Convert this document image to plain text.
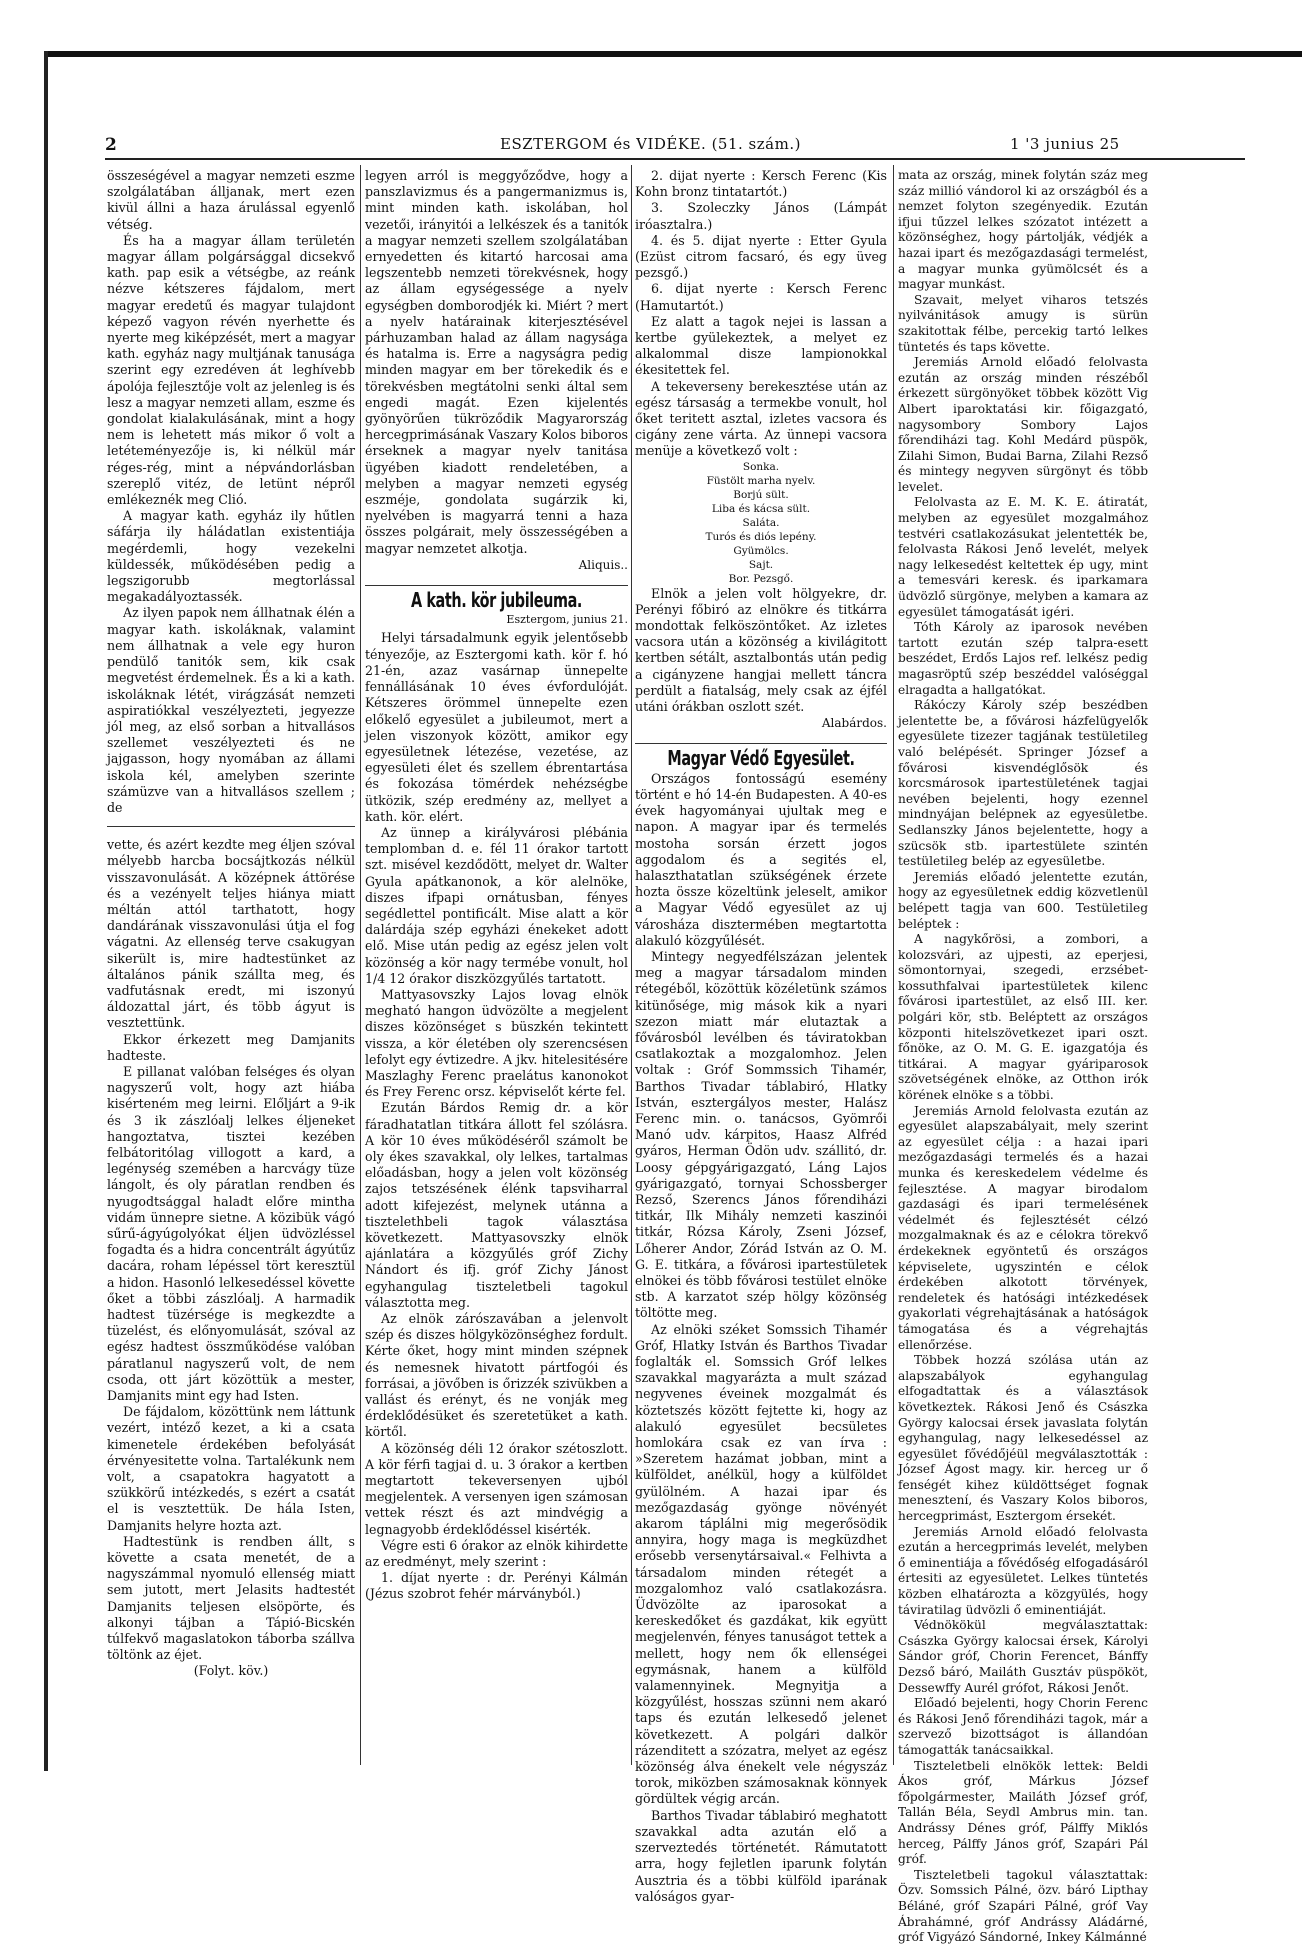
2	ESZTERGOM és VIDÉKE. (51. szám.)	1 '3 junius 25

összeségével a magyar nemzeti eszme szolgálatában álljanak, mert ezen kivül állni a haza árulással egyenlő vétség.

És ha a magyar állam területén magyar állam polgársággal dicsekvő kath. pap esik a vétségbe, az reánk nézve kétszeres fájdalom, mert magyar eredetű és magyar tulajdont képező vagyon révén nyerhette és nyerte meg kiképzését, mert a magyar kath. egyház nagy multjának tanusága szerint egy ezredéven át leghívebb ápolója fejlesztője volt az jelenleg is és lesz a magyar nemzeti allam, eszme és gondolat kialakulásának, mint a hogy nem is lehetett más mikor ő volt a letéteményezője is, ki nélkül már réges-rég, mint a népvándorlásban szereplő vitéz, de letünt népről emlékeznék meg Clió.

A magyar kath. egyház ily hűtlen sáfárja ily háládatlan existentiája megérdemli, hogy vezekelni küldessék, működésében pedig a legszigorubb megtorlással megakadályoztassék.

Az ilyen papok nem állhatnak élén a magyar kath. iskoláknak, valamint nem állhatnak a vele egy huron pendülő tanitók sem, kik csak megvetést érdemelnek. És a ki a kath. iskoláknak létét, virágzását nemzeti aspiratiókkal veszélyezteti, jegyezze jól meg, az első sorban a hitvallásos szellemet veszélyezteti és ne jajgasson, hogy nyomában az állami iskola kél, amelyben szerinte számüzve van a hitvallásos szellem ; de

vette, és azért kezdte meg éljen szóval mélyebb harcba bocsájtkozás nélkül visszavonulását. A középnek áttörése és a vezényelt teljes hiánya miatt méltán attól tarthatott, hogy dandárának visszavonulási útja el fog vágatni. Az ellenség terve csakugyan sikerült is, mire hadtestünket az általános pánik szállta meg, és vadfutásnak eredt, mi iszonyú áldozattal járt, és több ágyut is vesztettünk.

Ekkor érkezett meg Damjanits hadteste.

E pillanat valóban felséges és olyan nagyszerű volt, hogy azt hiába kisérteném meg leirni. Előljárt a 9-ik és 3 ik zászlóalj lelkes éljeneket hangoztatva, tisztei kezében felbátoritólag villogott a kard, a legénység szemében a harcvágy tüze lángolt, és oly páratlan rendben és nyugodtsággal haladt előre mintha vidám ünnepre sietne. A közibük vágó sűrű-ágyúgolyókat éljen üdvözléssel fogadta és a hidra concentrált ágyútűz dacára, roham lépéssel tört keresztül a hidon. Hasonló lelkesedéssel követte őket a többi zászlóalj. A harmadik hadtest tüzérsége is megkezdte a tüzelést, és előnyomulását, szóval az egész hadtest összműködése valóban páratlanul nagyszerű volt, de nem csoda, ott járt közöttük a mester, Damjanits mint egy had Isten.

De fájdalom, közöttünk nem láttunk vezért, intéző kezet, a ki a csata kimenetele érdekében befolyását érvényesitette volna. Tartalékunk nem volt, a csapatokra hagyatott a szükkörű intézkedés, s ezért a csatát el is vesztettük. De hála Isten, Damjanits helyre hozta azt.

Hadtestünk is rendben állt, s követte a csata menetét, de a nagyszámmal nyomuló ellenség miatt sem jutott, mert Jelasits hadtestét Damjanits teljesen elsöpörte, és alkonyi tájban a Tápió-Bicskén túlfekvő magaslatokon táborba szállva töltönk az éjet.

(Folyt. köv.)

legyen arról is meggyőződve, hogy a panszlavizmus és a pangermanizmus is, mint minden kath. iskolában, hol vezetői, irányitói a lelkészek és a tanitók a magyar nemzeti szellem szolgálatában ernyedetten és kitartó harcosai ama legszentebb nemzeti törekvésnek, hogy az állam egységessége a nyelv egységben domborodjék ki. Miért ? mert a nyelv határainak kiterjesztésével párhuzamban halad az állam nagysága és hatalma is. Erre a nagyságra pedig minden magyar em ber törekedik és e törekvésben megtátolni senki által sem engedi magát. Ezen kijelentés gyönyörűen tükröződik Magyarország hercegprimásának Vaszary Kolos biboros érseknek a magyar nyelv tanitása ügyében kiadott rendeletében, a melyben a magyar nemzeti egység eszméje, gondolata sugárzik ki, nyelvében is magyarrá tenni a haza összes polgárait, mely összességében a magyar nemzetet alkotja.

Aliquis..
A kath. kör jubileuma.
Esztergom, junius 21.

Helyi társadalmunk egyik jelentősebb tényezője, az Esztergomi kath. kör f. hó 21-én, azaz vasárnap ünnepelte fennállásának 10 éves évfordulóját. Kétszeres örömmel ünnepelte ezen előkelő egyesület a jubileumot, mert a jelen viszonyok között, amikor egy egyesületnek létezése, vezetése, az egyesületi élet és szellem ébrentartása és fokozása tömérdek nehézségbe ütközik, szép eredmény az, mellyet a kath. kör. elért.

Az ünnep a királyvárosi plébánia templomban d. e. fél 11 órakor tartott szt. misével kezdődött, melyet dr. Walter Gyula apátkanonok, a kör alelnöke, diszes ifpapi ornátusban, fényes segédlettel pontificált. Mise alatt a kör dalárdája szép egyházi énekeket adott elő. Mise után pedig az egész jelen volt közönség a kör nagy termébe vonult, hol 1/4 12 órakor diszközgyűlés tartatott.

Mattyasovszky Lajos lovag elnök megható hangon üdvözölte a megjelent diszes közönséget s büszkén tekintett vissza, a kör életében oly szerencsésen lefolyt egy évtizedre. A jkv. hitelesitésére Maszlaghy Ferenc praelátus kanonokot és Frey Ferenc orsz. képviselőt kérte fel.

Ezután Bárdos Remig dr. a kör fáradhatatlan titkára állott fel szólásra. A kör 10 éves működéséről számolt be oly ékes szavakkal, oly lelkes, tartalmas előadásban, hogy a jelen volt közönség zajos tetszésének élénk tapsviharral adott kifejezést, melynek utánna a tisztelethbeli tagok választása következett. Mattyasovszky elnök ajánlatára a közgyűlés gróf Zichy Nándort és ifj. gróf Zichy Jánost egyhangulag tiszteletbeli tagokul választotta meg.

Az elnök zárószavában a jelenvolt szép és diszes hölgyközönséghez fordult. Kérte őket, hogy mint minden szépnek és nemesnek hivatott pártfogói és forrásai, a jövőben is őrizzék szivükben a vallást és erényt, és ne vonják meg érdeklődésüket és szeretetüket a kath. körtől.

A közönség déli 12 órakor szétoszlott. A kör férfi tagjai d. u. 3 órakor a kertben megtartott tekeversenyen ujból megjelentek. A versenyen igen számosan vettek részt és azt mindvégig a legnagyobb érdeklődéssel kisérték.

Végre esti 6 órakor az elnök kihirdette az eredményt, mely szerint :

1. díjat nyerte : dr. Perényi Kálmán (Jézus szobrot fehér márványból.)

2. dijat nyerte : Kersch Ferenc (Kis Kohn bronz tintatartót.)

3. Szoleczky János (Lámpát iróasztalra.)

4. és 5. dijat nyerte : Etter Gyula (Ezüst citrom facsaró, és egy üveg pezsgő.)

6. dijat nyerte : Kersch Ferenc (Hamutartót.)

Ez alatt a tagok nejei is lassan a kertbe gyülekeztek, a melyet ez alkalommal disze lampionokkal ékesitettek fel.

A tekeverseny berekesztése után az egész társaság a termekbe vonult, hol őket teritett asztal, izletes vacsora és cigány zene várta. Az ünnepi vacsora menüje a következő volt :

Sonka.
Füstölt marha nyelv.
Borjú sült.
Liba és kácsa sült.
Saláta.
Turós és diós lepény.
Gyümölcs.
Sajt.
Bor. Pezsgő.

Elnök a jelen volt hölgyekre, dr. Perényi főbiró az elnökre és titkárra mondottak felköszöntőket. Az izletes vacsora után a közönség a kivilágitott kertben sétált, asztalbontás után pedig a cigányzene hangjai mellett táncra perdült a fiatalság, mely csak az éjfél utáni órákban oszlott szét.

Alabárdos.
Magyar Védő Egyesület.

Országos fontosságú esemény történt e hó 14-én Budapesten. A 40-es évek hagyományai ujultak meg e napon. A magyar ipar és termelés mostoha sorsán érzett jogos aggodalom és a segités el, halaszthatatlan szükségének érzete hozta össze közeltünk jeleselt, amikor a Magyar Védő egyesület az uj városháza disztermében megtartotta alakuló közgyűlését.

Mintegy negyedfélszázan jelentek meg a magyar társadalom minden rétegéből, közöttük közéletünk számos kitünősége, mig mások kik a nyari szezon miatt már elutaztak a fővárosból levélben és táviratokban csatlakoztak a mozgalomhoz. Jelen voltak : Gróf Sommssich Tihamér, Barthos Tivadar táblabiró, Hlatky István, esztergályos mester, Halász Ferenc min. o. tanácsos, Gyömrői Manó udv. kárpitos, Haasz Alfréd gyáros, Herman Ödön udv. szállitó, dr. Loosy gépgyárigazgató, Láng Lajos gyárigazgató, tornyai Schossberger Rezső, Szerencs János főrendiházi titkár, Ilk Mihály nemzeti kaszinói titkár, Rózsa Károly, Zseni József, Lőherer Andor, Zórád István az O. M. G. E. titkára, a fővárosi ipartestületek elnökei és több fővárosi testület elnöke stb. A karzatot szép hölgy közönség töltötte meg.

Az elnöki széket Somssich Tihamér Gróf, Hlatky István és Barthos Tivadar foglalták el. Somssich Gróf lelkes szavakkal magyarázta a mult század negyvenes éveinek mozgalmát és köztetszés között fejtette ki, hogy az alakuló egyesület becsületes homlokára csak ez van írva : »Szeretem hazámat jobban, mint a külföldet, anélkül, hogy a külföldet gyülölném. A hazai ipar és mezőgazdaság gyönge növényét akarom táplálni mig megerősödik annyira, hogy maga is megküzdhet erősebb versenytársaival.« Felhivta a társadalom minden rétegét a mozgalomhoz való csatlakozásra. Üdvözölte az iparosokat a kereskedőket és gazdákat, kik együtt megjelenvén, fényes tanuságot tettek a mellett, hogy nem ők ellenségei egymásnak, hanem a külföld valamennyinek. Megnyitja a közgyűlést, hosszas szünni nem akaró taps és ezután lelkesedő jelenet következett. A polgári dalkör rázenditett a szózatra, melyet az egész közönség álva énekelt vele négyszáz torok, miközben számosaknak könnyek gördültek végig arcán.

Barthos Tivadar táblabiró meghatott szavakkal adta azután elő a szerveztedés történetét. Rámutatott arra, hogy fejletlen iparunk folytán Ausztria és a többi külföld iparának valóságos gyar-

mata az ország, minek folytán száz meg száz millió vándorol ki az országból és a nemzet folyton szegényedik. Ezután ifjui tűzzel lelkes szózatot intézett a közönséghez, hogy pártolják, védjék a hazai ipart és mezőgazdasági termelést, a magyar munka gyümölcsét és a magyar munkást.

Szavait, melyet viharos tetszés nyilvánitások amugy is sürün szakitottak félbe, percekig tartó lelkes tüntetés és taps követte.

Jeremiás Arnold előadó felolvasta ezután az ország minden részéből érkezett sürgönyöket többek között Vig Albert iparoktatási kir. főigazgató, nagysombory Sombory Lajos főrendiházi tag. Kohl Medárd püspök, Zilahi Simon, Budai Barna, Zilahi Rezső és mintegy negyven sürgönyt és több levelet.

Felolvasta az E. M. K. E. átiratát, melyben az egyesület mozgalmához testvéri csatlakozásukat jelentették be, felolvasta Rákosi Jenő levelét, melyek nagy lelkesedést keltettek ép ugy, mint a temesvári keresk. és iparkamara üdvözlő sürgönye, melyben a kamara az egyesület támogatását igéri.

Tóth Károly az iparosok nevében tartott ezután szép talpra-esett beszédet, Erdős Lajos ref. lelkész pedig magasröptű szép beszéddel valóséggal elragadta a hallgatókat.

Rákóczy Károly szép beszédben jelentette be, a fővárosi házfelügyelők egyesülete tizezer tagjának testületileg való belépését. Springer József a fővárosi kisvendéglősök és korcsmárosok ipartestületének tagjai nevében bejelenti, hogy ezennel mindnyájan belépnek az egyesületbe. Sedlanszky János bejelentette, hogy a szücsök stb. ipartestülete szintén testületileg belép az egyesületbe.

Jeremiás előadó jelentette ezután, hogy az egyesületnek eddig közvetlenül belépett tagja van 600. Testületileg beléptek :

A nagykőrösi, a zombori, a kolozsvári, az ujpesti, az eperjesi, sömontornyai, szegedi, erzsébet-kossuthfalvai ipartestületek kilenc fővárosi ipartestület, az első III. ker. polgári kör, stb. Beléptett az országos központi hitelszövetkezet ipari oszt. főnöke, az O. M. G. E. igazgatója és titkárai. A magyar gyáriparosok szövetségének elnöke, az Otthon irók körének elnöke s a többi.

Jeremiás Arnold felolvasta ezután az egyesület alapszabályait, mely szerint az egyesület célja : a hazai ipari mezőgazdasági termelés és a hazai munka és kereskedelem védelme és fejlesztése. A magyar birodalom gazdasági és ipari termelésének védelmét és fejlesztését célzó mozgalmaknak és az e célokra törekvő érdekeknek egyöntetű és országos képviselete, ugyszintén e célok érdekében alkotott törvények, rendeletek és hatósági intézkedések gyakorlati végrehajtásának a hatóságok támogatása és a végrehajtás ellenőrzése.

Többek hozzá szólása után az alapszabályok egyhangulag elfogadtattak és a választások következtek. Rákosi Jenő és Császka György kalocsai érsek javaslata folytán egyhangulag, nagy lelkesedéssel az egyesület fővédőjéül megválasztották : József Ágost magy. kir. herceg ur ő fenségét kihez küldöttséget fognak menesztení, és Vaszary Kolos biboros, hercegprimást, Esztergom érsekét.

Jeremiás Arnold előadó felolvasta ezután a hercegprimás levelét, melyben ő eminentiája a fővédőség elfogadásáról értesiti az egyesületet. Lelkes tüntetés közben elhatározta a közgyülés, hogy táviratilag üdvözli ő eminentiáját.

Védnökökül megválasztattak: Császka György kalocsai érsek, Károlyi Sándor gróf, Chorin Ferencet, Bánffy Dezső báró, Mailáth Gusztáv püspököt, Dessewffy Aurél grófot, Rákosi Jenőt.

Előadó bejelenti, hogy Chorin Ferenc és Rákosi Jenő főrendiházi tagok, már a szervező bizottságot is állandóan támogatták tanácsaikkal.

Tiszteletbeli elnökök lettek: Beldi Ákos gróf, Márkus József főpolgármester, Mailáth József gróf, Tallán Béla, Seydl Ambrus min. tan. Andrássy Dénes gróf, Pálffy Miklós herceg, Pálffy János gróf, Szapári Pál gróf.

Tiszteletbeli tagokul választattak: Özv. Somssich Pálné, özv. báró Lipthay Béláné, gróf Szapári Pálné, gróf Vay Ábrahámné, gróf Andrássy Aládárné, gróf Vigyázó Sándorné, Inkey Kálmánné
